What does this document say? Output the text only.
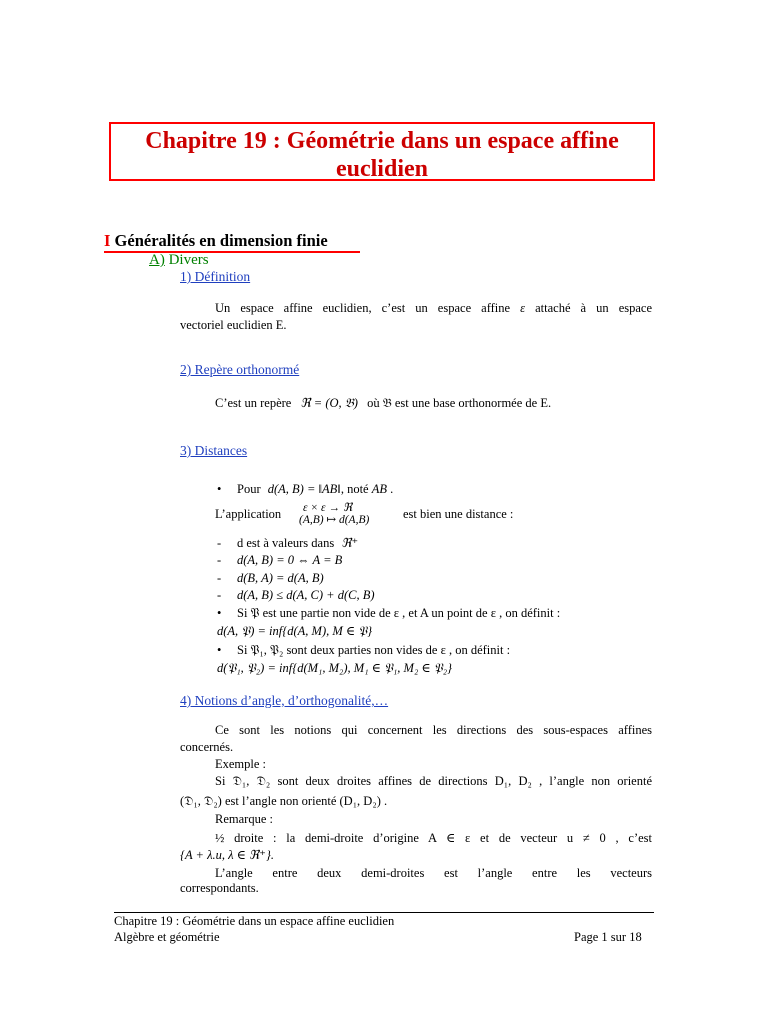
Chapitre 19 : Géométrie dans un espace affine
euclidien
I Généralités en dimension finie
A) Divers
1) Définition
Un espace affine euclidien, c’est un espace affine ε attaché à un espace
vectoriel euclidien E.
2) Repère orthonormé
C’est un repère ℜ = (O, 𝔅) où 𝔅 est une base orthonormée de E.
3) Distances
• Pour d(A, B) = ‖AB‖, noté AB .
L’application	ε × ε → ℜ
(A,B) ↦ d(A,B)	est bien une distance :
- d est à valeurs dans ℜ⁺
- d(A, B) = 0 ⇔ A = B
- d(B, A) = d(A, B)
- d(A, B) ≤ d(A, C) + d(C, B)
• Si 𝔓 est une partie non vide de ε , et A un point de ε , on définit :
d(A, 𝔓) = inf{d(A, M), M ∈ 𝔓}
• Si 𝔓₁, 𝔓₂ sont deux parties non vides de ε , on définit :
d(𝔓₁, 𝔓₂) = inf{d(M₁, M₂), M₁ ∈ 𝔓₁, M₂ ∈ 𝔓₂}
4) Notions d’angle, d’orthogonalité,…
Ce sont les notions qui concernent les directions des sous-espaces affines
concernés.
Exemple :
Si 𝔇₁, 𝔇₂ sont deux droites affines de directions D₁, D₂ , l’angle non orienté
(𝔇₁, 𝔇₂) est l’angle non orienté (D₁, D₂) .
Remarque :
½ droite : la demi-droite d’origine A ∈ ε et de vecteur u ≠ 0 , c’est
{A + λ.u, λ ∈ ℜ⁺}.
L’angle entre deux demi-droites est l’angle entre les vecteurs
correspondants.
Chapitre 19 : Géométrie dans un espace affine euclidien
Algèbre et géométrie	Page 1 sur 18
